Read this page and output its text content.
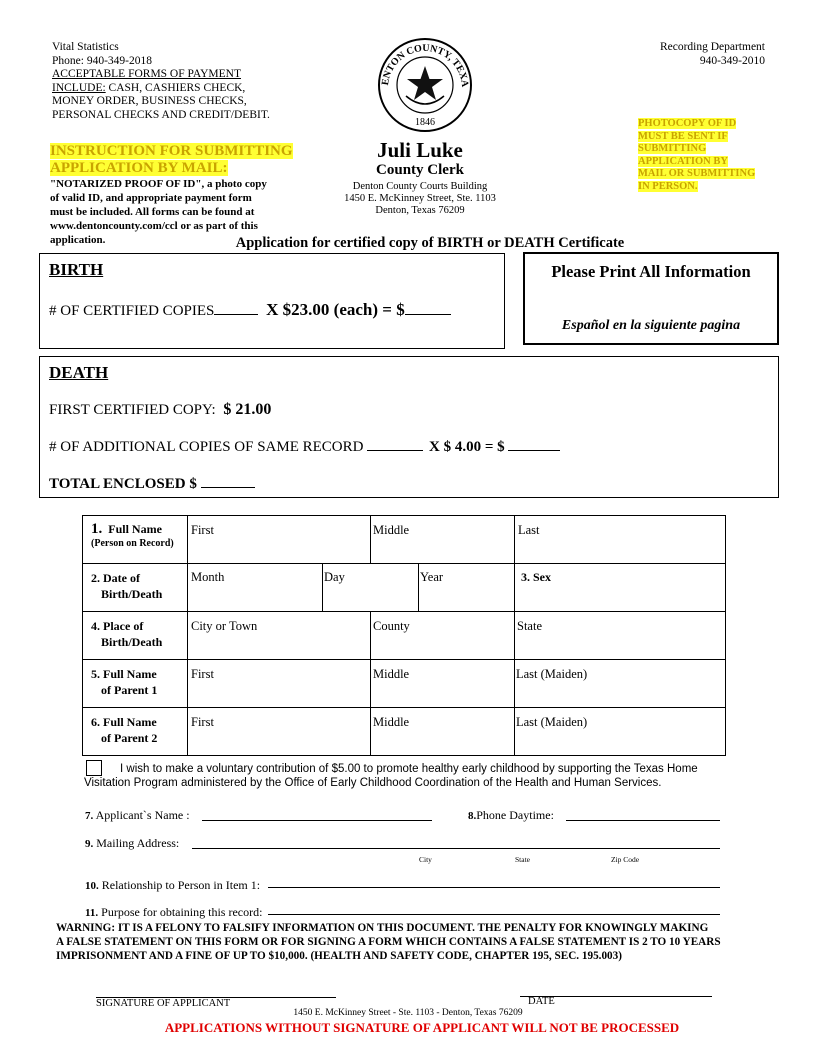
Vital Statistics
Phone: 940-349-2018
ACCEPTABLE FORMS OF PAYMENT
INCLUDE: CASH, CASHIERS CHECK,
MONEY ORDER, BUSINESS CHECKS,
PERSONAL CHECKS AND CREDIT/DEBIT.
Recording Department
940-349-2010
ENTON COUNTY, TEXA
1846
Juli Luke
County Clerk
Denton County Courts Building
1450 E. McKinney Street, Ste. 1103
Denton, Texas 76209
INSTRUCTION FOR SUBMITTING
APPLICATION BY MAIL:
"NOTARIZED PROOF OF ID", a photo copy
of valid ID, and appropriate payment form
must be included. All forms can be found at
www.dentoncounty.com/ccl or as part of this
application.
PHOTOCOPY OF ID
MUST BE SENT IF
SUBMITTING
APPLICATION BY
MAIL OR SUBMITTING
IN PERSON.
Application for certified copy of BIRTH or DEATH Certificate
BIRTH
# OF CERTIFIED COPIES	X $23.00 (each) = $
Please Print All Information
Español en la siguiente pagina
DEATH
FIRST CERTIFIED COPY: $ 21.00
# OF ADDITIONAL COPIES OF SAME RECORD	X $ 4.00 = $
TOTAL ENCLOSED $
1. Full Name
(Person on Record)
First	Middle	Last
2. Date of
Birth/Death
Month	Day	Year	3. Sex
4. Place of
Birth/Death
City or Town	County	State
5. Full Name
of Parent 1
First	Middle	Last (Maiden)
6. Full Name
of Parent 2
First	Middle	Last (Maiden)
I wish to make a voluntary contribution of $5.00 to promote healthy early childhood by supporting the Texas Home
Visitation Program administered by the Office of Early Childhood Coordination of the Health and Human Services.
7. Applicant`s Name :	8.Phone Daytime:
9. Mailing Address:
City	State	Zip Code
10. Relationship to Person in Item 1:
11. Purpose for obtaining this record:
WARNING: IT IS A FELONY TO FALSIFY INFORMATION ON THIS DOCUMENT. THE PENALTY FOR KNOWINGLY MAKING
A FALSE STATEMENT ON THIS FORM OR FOR SIGNING A FORM WHICH CONTAINS A FALSE STATEMENT IS 2 TO 10 YEARS
IMPRISONMENT AND A FINE OF UP TO $10,000. (HEALTH AND SAFETY CODE, CHAPTER 195, SEC. 195.003)
SIGNATURE OF APPLICANT	DATE
1450 E. McKinney Street - Ste. 1103 - Denton, Texas 76209
APPLICATIONS WITHOUT SIGNATURE OF APPLICANT WILL NOT BE PROCESSED
